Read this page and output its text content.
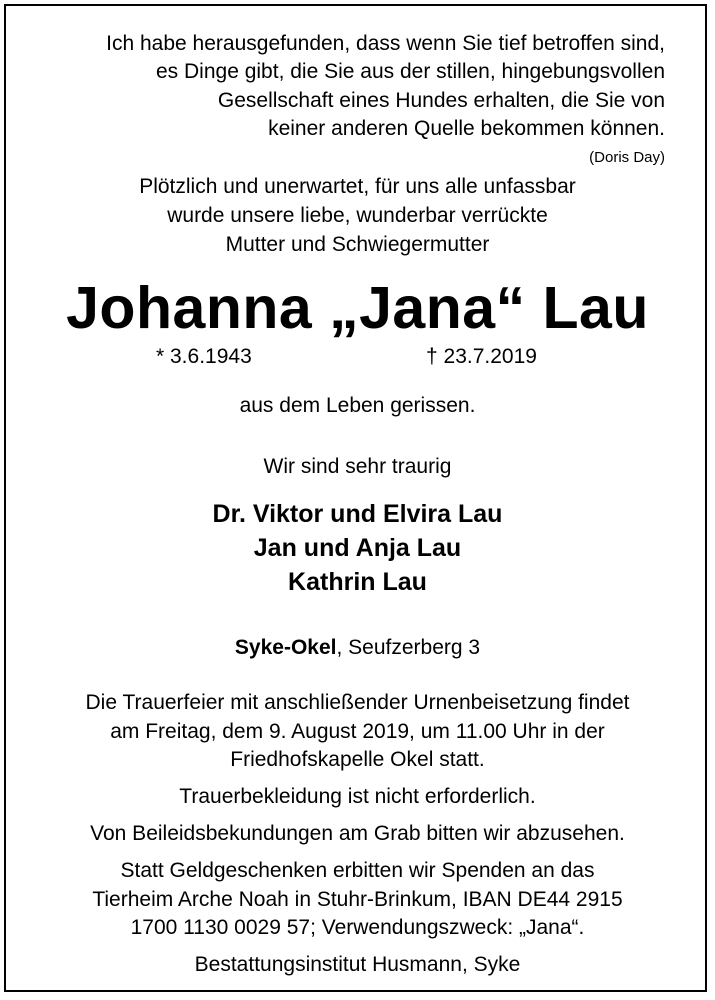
Ich habe herausgefunden, dass wenn Sie tief betroffen sind,
es Dinge gibt, die Sie aus der stillen, hingebungsvollen
Gesellschaft eines Hundes erhalten, die Sie von
keiner anderen Quelle bekommen können.
(Doris Day)
Plötzlich und unerwartet, für uns alle unfassbar
wurde unsere liebe, wunderbar verrückte
Mutter und Schwiegermutter
Johanna „Jana“ Lau
* 3.6.1943	† 23.7.2019
aus dem Leben gerissen.
Wir sind sehr traurig
Dr. Viktor und Elvira Lau
Jan und Anja Lau
Kathrin Lau
Syke-Okel, Seufzerberg 3
Die Trauerfeier mit anschließender Urnenbeisetzung findet
am Freitag, dem 9. August 2019, um 11.00 Uhr in der
Friedhofskapelle Okel statt.
Trauerbekleidung ist nicht erforderlich.
Von Beileidsbekundungen am Grab bitten wir abzusehen.
Statt Geldgeschenken erbitten wir Spenden an das
Tierheim Arche Noah in Stuhr-Brinkum, IBAN DE44 2915
1700 1130 0029 57; Verwendungszweck: „Jana“.
Bestattungsinstitut Husmann, Syke
